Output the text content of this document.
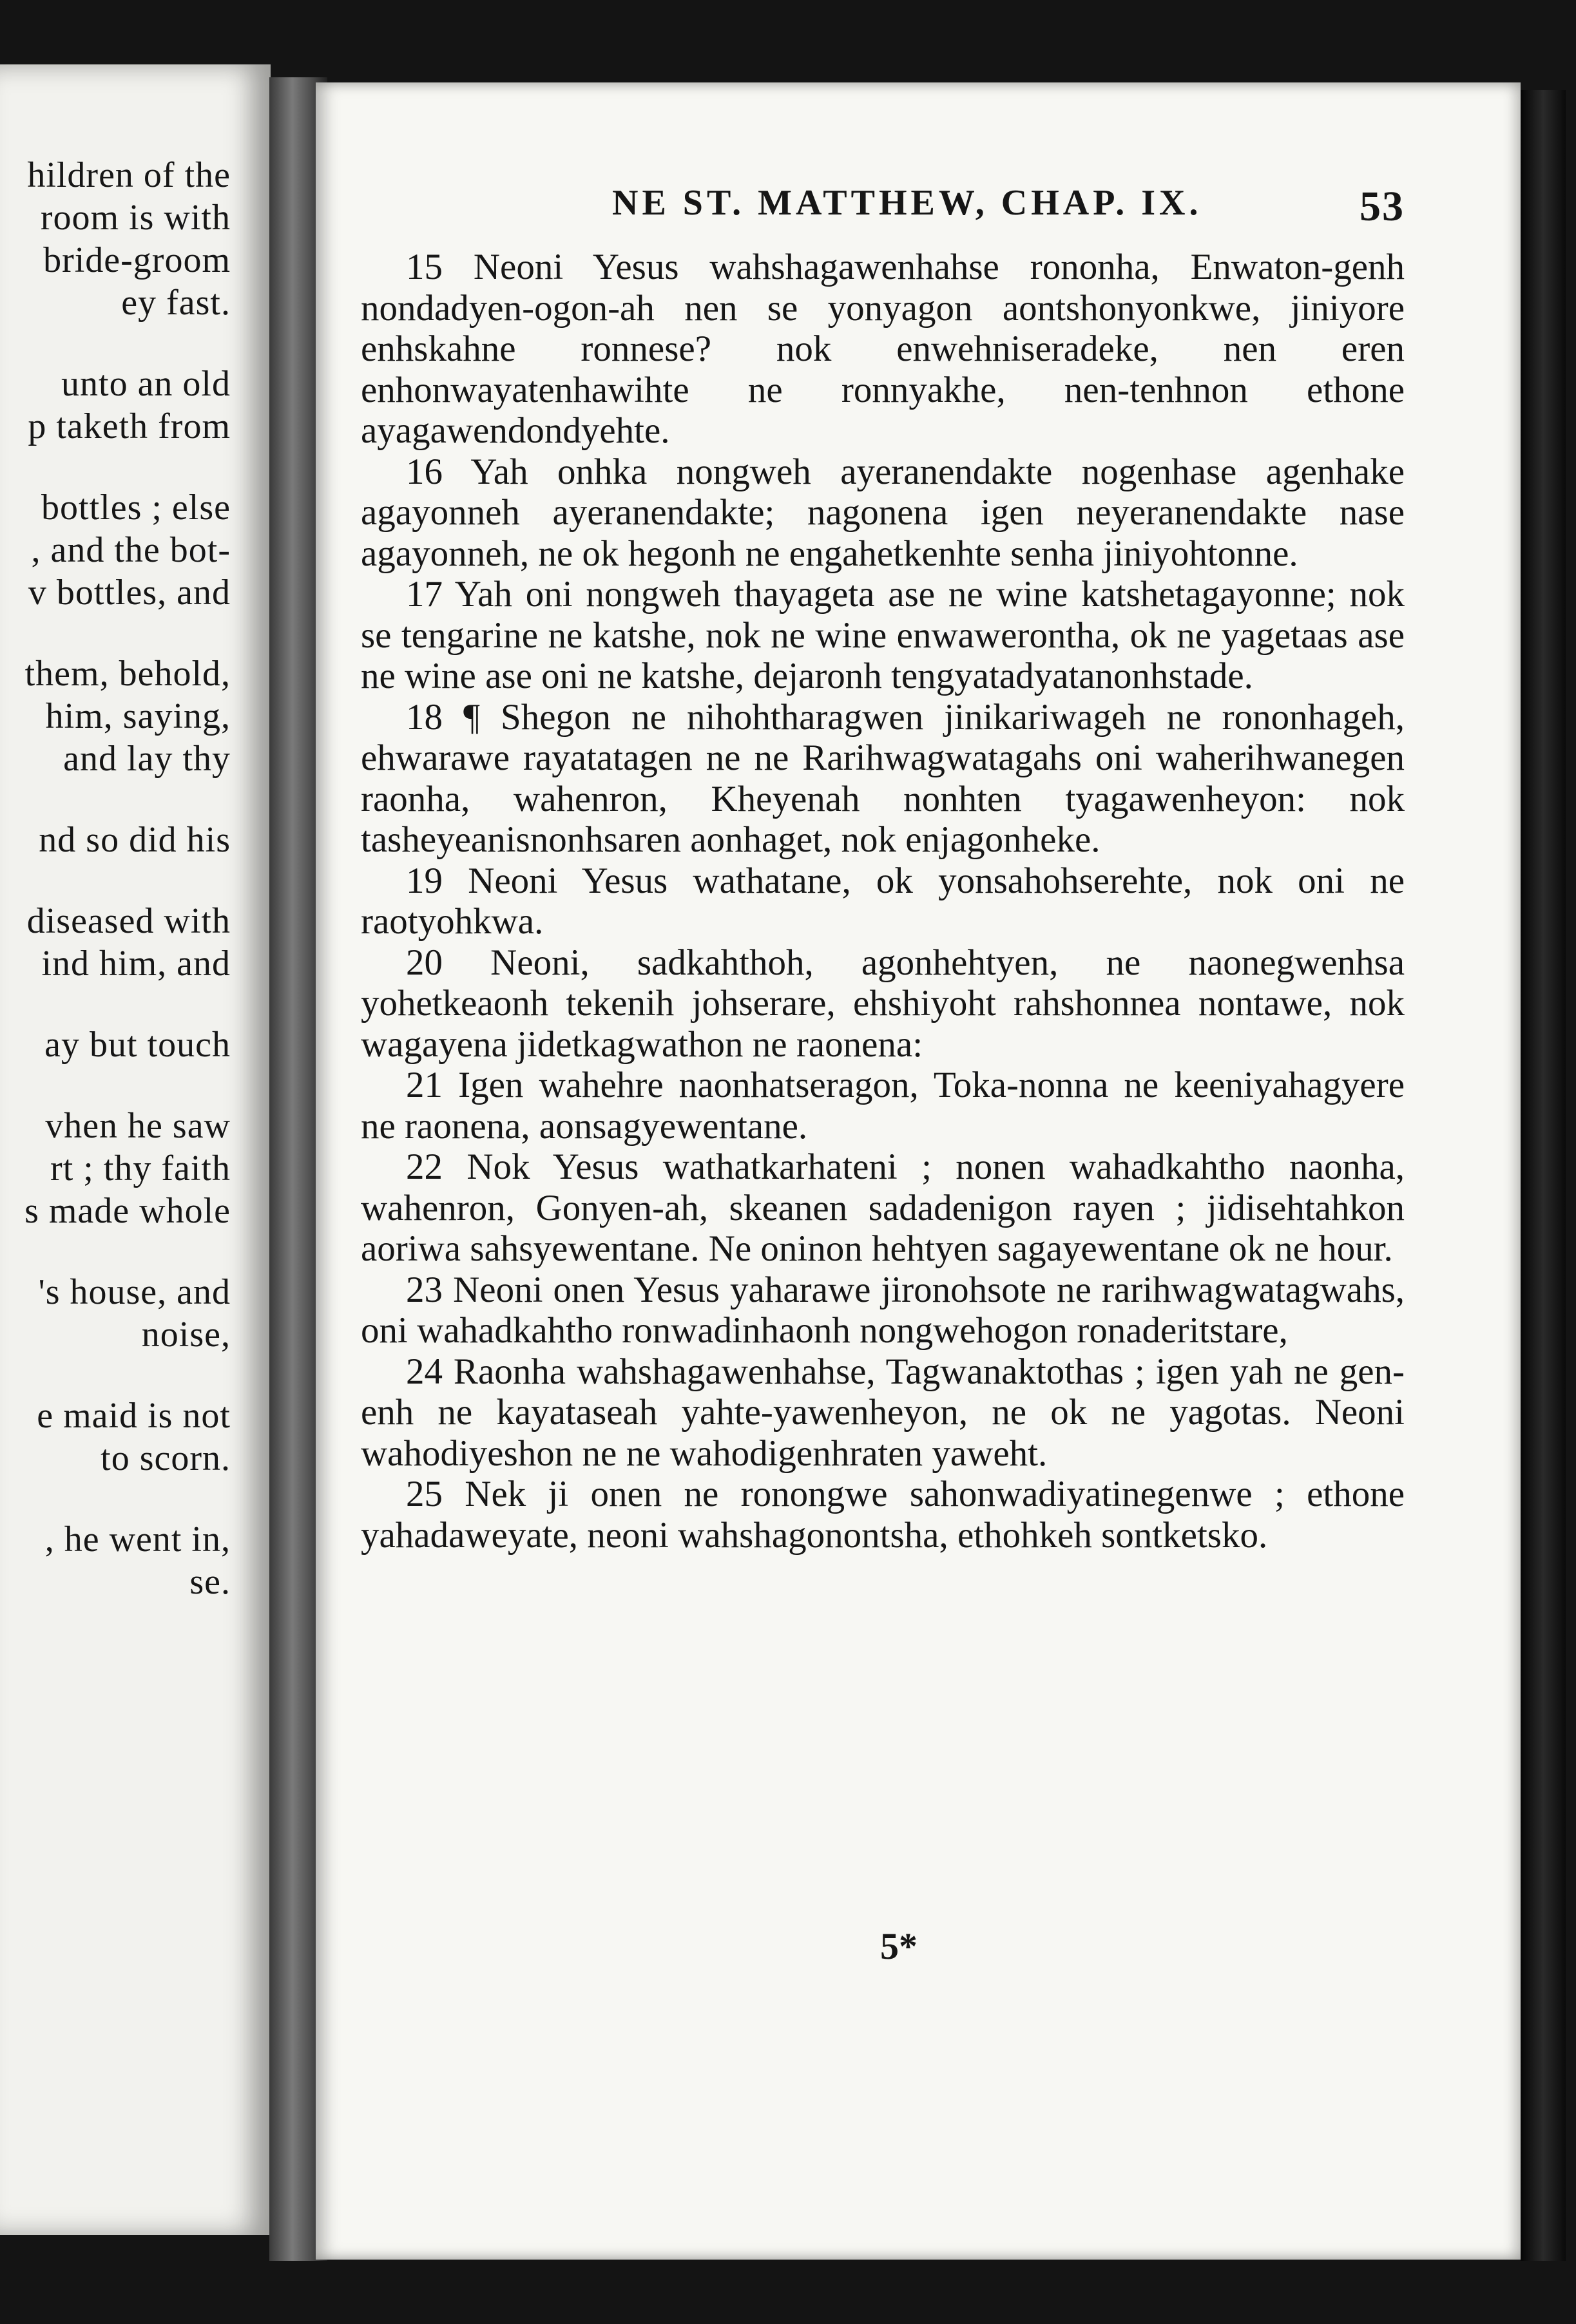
hildren of the
room is with
bride-groom
ey fast.
unto an old
p taketh from
bottles ; else
, and the bot-
v bottles, and
them, behold,
him, saying,
and lay thy
nd so did his
diseased with
ind him, and
ay but touch
vhen he saw
rt ; thy faith
s made whole
's house, and
noise,
e maid is not
to scorn.
, he went in,
se.
NE ST. MATTHEW, CHAP. IX.	53

15 Neoni Yesus wahshagawenhahse rononha, Enwaton-genh nondadyen-ogon-ah nen se yonyagon aontshonyonkwe, jiniyore enhskahne ronnese? nok enwehniseradeke, nen eren enhonwayatenhawihte ne ronnyakhe, nen-tenhnon ethone ayagawendondyehte.

16 Yah onhka nongweh ayeranendakte nogenhase agenhake agayonneh ayeranendakte; nagonena igen neyeranendakte nase agayonneh, ne ok hegonh ne engahetkenhte senha jiniyohtonne.

17 Yah oni nongweh thayageta ase ne wine katshetagayonne; nok se tengarine ne katshe, nok ne wine enwawerontha, ok ne yagetaas ase ne wine ase oni ne katshe, dejaronh tengyatadyatanonhstade.

18 ¶ Shegon ne nihohtharagwen jinikariwageh ne rononhageh, ehwarawe rayatatagen ne ne Rarihwagwatagahs oni waherihwanegen raonha, wahenron, Kheyenah nonhten tyagawenheyon: nok tasheyeanisnonhsaren aonhaget, nok enjagonheke.

19 Neoni Yesus wathatane, ok yonsahohserehte, nok oni ne raotyohkwa.

20 Neoni, sadkahthoh, agonhehtyen, ne naonegwenhsa yohetkeaonh tekenih johserare, ehshiyoht rahshonnea nontawe, nok wagayena jidetkagwathon ne raonena:

21 Igen wahehre naonhatseragon, Toka-nonna ne keeniyahagyere ne raonena, aonsagyewentane.

22 Nok Yesus wathatkarhateni ; nonen wahadkahtho naonha, wahenron, Gonyen-ah, skeanen sadadenigon rayen ; jidisehtahkon aoriwa sahsyewentane. Ne oninon hehtyen sagayewentane ok ne hour.

23 Neoni onen Yesus yaharawe jironohsote ne rarihwagwatagwahs, oni wahadkahtho ronwadinhaonh nongwehogon ronaderitstare,

24 Raonha wahshagawenhahse, Tagwanaktothas ; igen yah ne gen-enh ne kayataseah yahte-yawenheyon, ne ok ne yagotas. Neoni wahodiyeshon ne ne wahodigenhraten yaweht.

25 Nek ji onen ne ronongwe sahonwadiyatinegenwe ; ethone yahadaweyate, neoni wahshagonontsha, ethohkeh sontketsko.

5*
